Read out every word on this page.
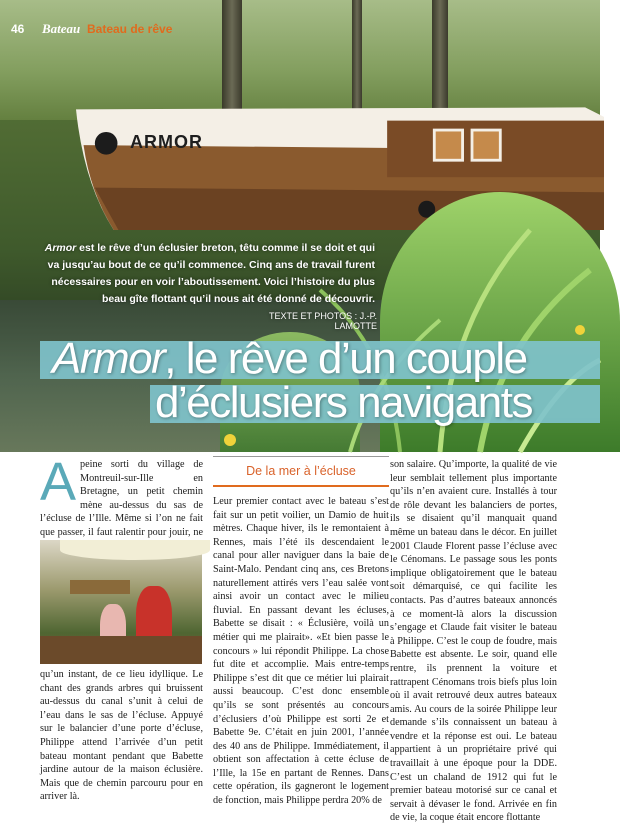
ARMOR
46 Bateau Bateau de rêve
Armor est le rêve d’un éclusier breton, têtu comme il se doit et qui va jusqu’au bout de ce qu’il commence. Cinq ans de travail furent nécessaires pour en voir l’aboutissement. Voici l’histoire du plus beau gîte flottant qu’il nous ait été donné de découvrir.
TEXTE ET PHOTOS : J.-P. LAMOTTE
Armor, le rêve d’un couple
d’éclusiers navigants
A peine sorti du village de Montreuil-sur-Ille en Bretagne, un petit chemin mène au-dessus du sas de l’écluse de l’Ille. Même si l’on ne fait que passer, il faut ralentir pour jouir, ne

qu’un instant, de ce lieu idyllique. Le chant des grands arbres qui bruissent au-dessus du canal s’unit à celui de l’eau dans le sas de l’écluse. Appuyé sur le balancier d’une porte d’écluse, Philippe attend l’arrivée d’un petit bateau montant pendant que Babette jardine autour de la maison éclusière. Mais que de chemin parcouru pour en arriver là.

De la mer à l’écluse

Leur premier contact avec le bateau s’est fait sur un petit voilier, un Damio de huit mètres. Chaque hiver, ils le remontaient à Rennes, mais l’été ils descendaient le canal pour aller naviguer dans la baie de Saint-Malo. Pendant cinq ans, ces Bretons naturellement attirés vers l’eau salée vont ainsi avoir un contact avec le milieu fluvial. En passant devant les écluses, Babette se disait : « Éclusière, voilà un métier qui me plairait». «Et bien passe le concours » lui répondit Philippe. La chose fut dite et accomplie. Mais entre-temps Philippe s’est dit que ce métier lui plairait aussi beaucoup. C’est donc ensemble qu’ils se sont présentés au concours d’éclusiers d’où Philippe est sorti 2e et Babette 9e. C’était en juin 2001, l’année des 40 ans de Philippe. Immédiatement, il obtient son affectation à cette écluse de l’Ille, la 15e en partant de Rennes. Dans cette opération, ils gagneront le logement de fonction, mais Philippe perdra 20% de

son salaire. Qu’importe, la qualité de vie leur semblait tellement plus importante qu’ils n’en avaient cure. Installés à tour de rôle devant les balanciers de portes, ils se disaient qu’il manquait quand même un bateau dans le décor. En juillet 2001 Claude Florent passe l’écluse avec le Cénomans. Le passage sous les ponts implique obligatoirement que le bateau soit démarquisé, ce qui facilite les contacts. Pas d’autres bateaux annoncés à ce moment-là alors la discussion s’engage et Claude fait visiter le bateau à Philippe. C’est le coup de foudre, mais Babette est absente. Le soir, quand elle rentre, ils prennent la voiture et rattrapent Cénomans trois biefs plus loin où il avait retrouvé deux autres bateaux amis. Au cours de la soirée Philippe leur demande s’ils connaissent un bateau à vendre et la réponse est oui. Le bateau appartient à un propriétaire privé qui travaillait à une époque pour la DDE. C’est un chaland de 1912 qui fut le premier bateau motorisé sur ce canal et servait à dévaser le fond. Arrivée en fin de vie, la coque était encore flottante
